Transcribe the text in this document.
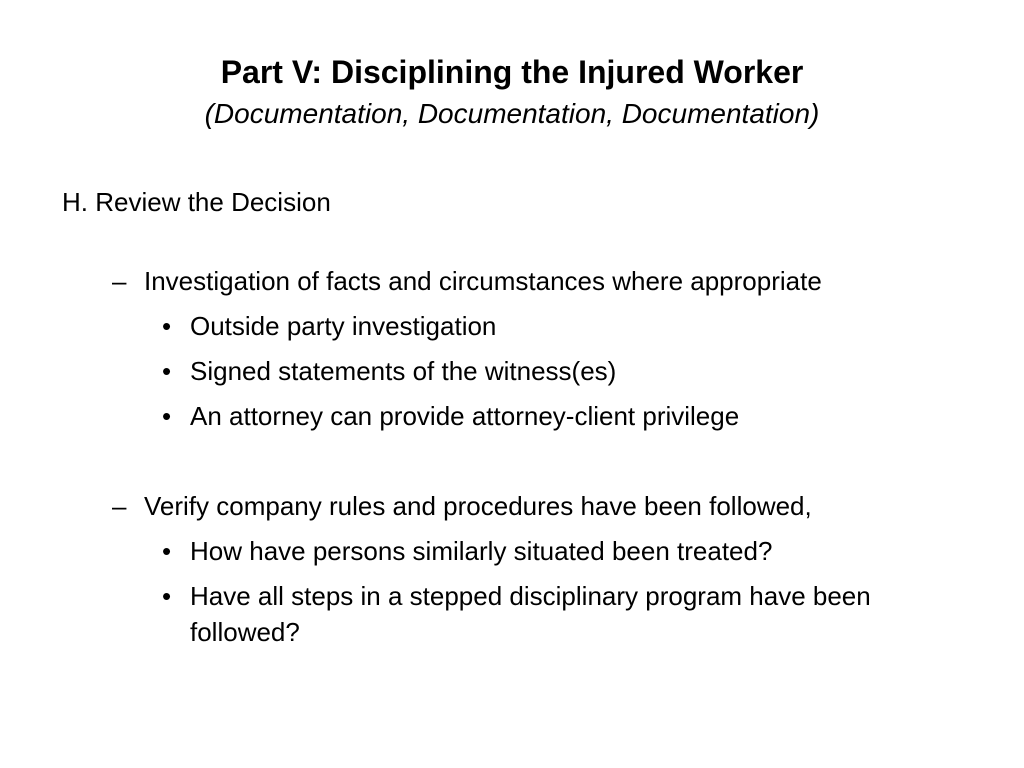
Part V: Disciplining the Injured Worker

(Documentation, Documentation, Documentation)

H. Review the Decision

– Investigation of facts and circumstances where appropriate

• Outside party investigation
• Signed statements of the witness(es)
• An attorney can provide attorney-client privilege

– Verify company rules and procedures have been followed,

• How have persons similarly situated been treated?
• Have all steps in a stepped disciplinary program have been followed?
